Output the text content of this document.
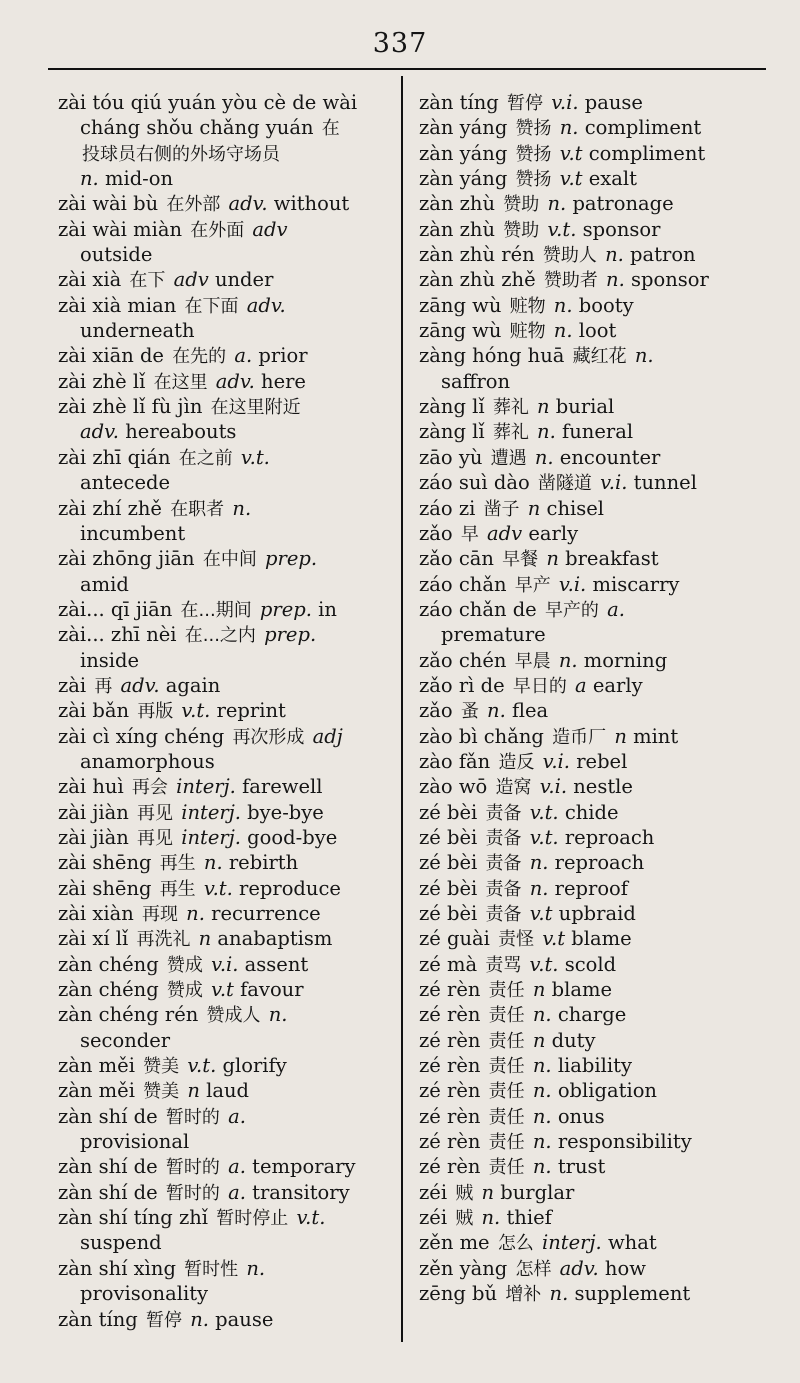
337
zài tóu qiú yuán yòu cè de wài
cháng shǒu chǎng yuán 在
投球员右侧的外场守场员
n. mid-on
zài wài bù 在外部 adv. without
zài wài miàn 在外面 adv
outside
zài xià 在下 adv under
zài xià mian 在下面 adv.
underneath
zài xiān de 在先的 a. prior
zài zhè lǐ 在这里 adv. here
zài zhè lǐ fù jìn 在这里附近
adv. hereabouts
zài zhī qián 在之前 v.t.
antecede
zài zhí zhě 在职者 n.
incumbent
zài zhōng jiān 在中间 prep.
amid
zài... qī jiān 在...期间 prep. in
zài... zhī nèi 在...之内 prep.
inside
zài 再 adv. again
zài bǎn 再版 v.t. reprint
zài cì xíng chéng 再次形成 adj
anamorphous
zài huì 再会 interj. farewell
zài jiàn 再见 interj. bye-bye
zài jiàn 再见 interj. good-bye
zài shēng 再生 n. rebirth
zài shēng 再生 v.t. reproduce
zài xiàn 再现 n. recurrence
zài xí lǐ 再洗礼 n anabaptism
zàn chéng 赞成 v.i. assent
zàn chéng 赞成 v.t favour
zàn chéng rén 赞成人 n.
seconder
zàn měi 赞美 v.t. glorify
zàn měi 赞美 n laud
zàn shí de 暂时的 a.
provisional
zàn shí de 暂时的 a. temporary
zàn shí de 暂时的 a. transitory
zàn shí tíng zhǐ 暂时停止 v.t.
suspend
zàn shí xìng 暂时性 n.
provisonality
zàn tíng 暂停 n. pause
zàn tíng 暂停 v.i. pause
zàn yáng 赞扬 n. compliment
zàn yáng 赞扬 v.t compliment
zàn yáng 赞扬 v.t exalt
zàn zhù 赞助 n. patronage
zàn zhù 赞助 v.t. sponsor
zàn zhù rén 赞助人 n. patron
zàn zhù zhě 赞助者 n. sponsor
zāng wù 赃物 n. booty
zāng wù 赃物 n. loot
zàng hóng huā 藏红花 n.
saffron
zàng lǐ 葬礼 n burial
zàng lǐ 葬礼 n. funeral
zāo yù 遭遇 n. encounter
záo suì dào 凿隧道 v.i. tunnel
záo zi 凿子 n chisel
zǎo 早 adv early
zǎo cān 早餐 n breakfast
záo chǎn 早产 v.i. miscarry
záo chǎn de 早产的 a.
premature
zǎo chén 早晨 n. morning
zǎo rì de 早日的 a early
zǎo 蚤 n. flea
zào bì chǎng 造币厂 n mint
zào fǎn 造反 v.i. rebel
zào wō 造窝 v.i. nestle
zé bèi 责备 v.t. chide
zé bèi 责备 v.t. reproach
zé bèi 责备 n. reproach
zé bèi 责备 n. reproof
zé bèi 责备 v.t upbraid
zé guài 责怪 v.t blame
zé mà 责骂 v.t. scold
zé rèn 责任 n blame
zé rèn 责任 n. charge
zé rèn 责任 n duty
zé rèn 责任 n. liability
zé rèn 责任 n. obligation
zé rèn 责任 n. onus
zé rèn 责任 n. responsibility
zé rèn 责任 n. trust
zéi 贼 n burglar
zéi 贼 n. thief
zěn me 怎么 interj. what
zěn yàng 怎样 adv. how
zēng bǔ 增补 n. supplement
